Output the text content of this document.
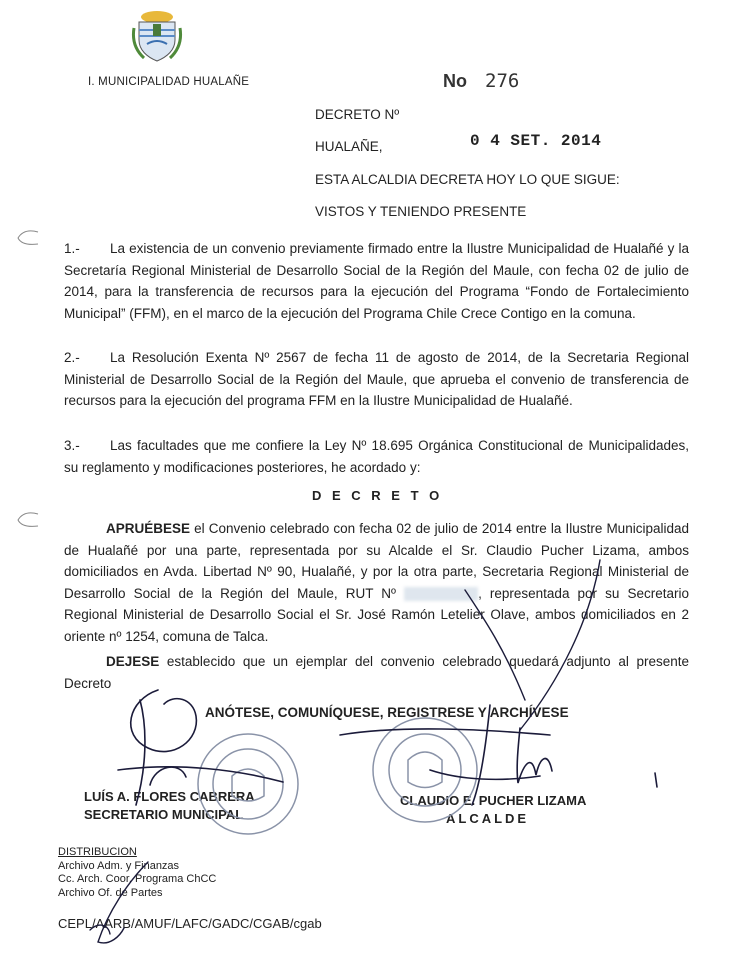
I. MUNICIPALIDAD HUALAÑE	No 276
DECRETO Nº
HUALAÑE,	0 4 SET. 2014
ESTA ALCALDIA DECRETA HOY LO QUE SIGUE:
VISTOS Y TENIENDO PRESENTE
1.- La existencia de un convenio previamente firmado entre la Ilustre Municipalidad de Hualañé y la Secretaría Regional Ministerial de Desarrollo Social de la Región del Maule, con fecha 02 de julio de 2014, para la transferencia de recursos para la ejecución del Programa “Fondo de Fortalecimiento Municipal” (FFM), en el marco de la ejecución del Programa Chile Crece Contigo en la comuna.
2.- La Resolución Exenta Nº 2567 de fecha 11 de agosto de 2014, de la Secretaria Regional Ministerial de Desarrollo Social de la Región del Maule, que aprueba el convenio de transferencia de recursos para la ejecución del programa FFM en la Ilustre Municipalidad de Hualañé.
3.- Las facultades que me confiere la Ley Nº 18.695 Orgánica Constitucional de Municipalidades, su reglamento y modificaciones posteriores, he acordado y:
D E C R E T O
APRUÉBESE el Convenio celebrado con fecha 02 de julio de 2014 entre la Ilustre Municipalidad de Hualañé por una parte, representada por su Alcalde el Sr. Claudio Pucher Lizama, ambos domiciliados en Avda. Libertad Nº 90, Hualañé, y por la otra parte, Secretaria Regional Ministerial de Desarrollo Social de la Región del Maule, RUT Nº	, representada por su Secretario Regional Ministerial de Desarrollo Social el Sr. José Ramón Letelier Olave, ambos domiciliados en 2 oriente nº 1254, comuna de Talca.
DEJESE establecido que un ejemplar del convenio celebrado quedará adjunto al presente Decreto
ANÓTESE, COMUNÍQUESE, REGISTRESE Y ARCHÍVESE
LUÍS A. FLORES CABRERA
SECRETARIO MUNICIPAL
CLAUDIO E. PUCHER LIZAMA
ALCALDE
DISTRIBUCION
Archivo Adm. y Finanzas
Cc. Arch. Coor. Programa ChCC
Archivo Of. de Partes
CEPL/AARB/AMUF/LAFC/GADC/CGAB/cgab
